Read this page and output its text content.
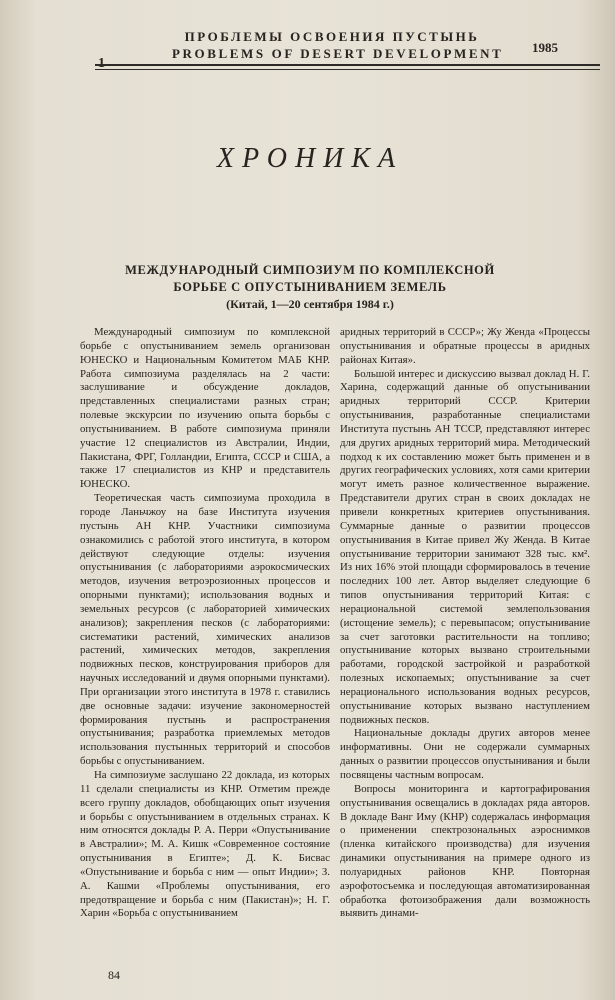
1
ПРОБЛЕМЫ ОСВОЕНИЯ ПУСТЫНЬ
PROBLEMS OF DESERT DEVELOPMENT 1985
ХРОНИКА
МЕЖДУНАРОДНЫЙ СИМПОЗИУМ ПО КОМПЛЕКСНОЙ БОРЬБЕ С ОПУСТЫНИВАНИЕМ ЗЕМЕЛЬ
(Китай, 1—20 сентября 1984 г.)

Международный симпозиум по комплексной борьбе с опустыниванием земель организован ЮНЕСКО и Национальным Комитетом МАБ КНР. Работа симпозиума разделялась на 2 части: заслушивание и обсуждение докладов, представленных специалистами разных стран; полевые экскурсии по изучению опыта борьбы с опустыниванием. В работе симпозиума приняли участие 12 специалистов из Австралии, Индии, Пакистана, ФРГ, Голландии, Египта, СССР и США, а также 17 специалистов из КНР и представитель ЮНЕСКО.

Теоретическая часть симпозиума проходила в городе Ланьчжоу на базе Института изучения пустынь АН КНР. Участники симпозиума ознакомились с работой этого института, в котором действуют следующие отделы: изучения опустынивания (с лабораториями аэрокосмических методов, изучения ветроэрозионных процессов и опорными пунктами); использования водных и земельных ресурсов (с лабораторией химических анализов); закрепления песков (с лабораториями: систематики растений, химических анализов растений, химических методов, закрепления подвижных песков, конструирования приборов для научных исследований и двумя опорными пунктами). При организации этого института в 1978 г. ставились две основные задачи: изучение закономерностей формирования пустынь и распространения опустынивания; разработка приемлемых методов использования пустынных территорий и способов борьбы с опустыниванием.

На симпозиуме заслушано 22 доклада, из которых 11 сделали специалисты из КНР. Отметим прежде всего группу докладов, обобщающих опыт изучения и борьбы с опустыниванием в отдельных странах. К ним относятся доклады Р. А. Перри «Опустынивание в Австралии»; М. А. Кишк «Современное состояние опустынивания в Египте»; Д. К. Бисвас «Опустынивание и борьба с ним — опыт Индии»; З. А. Кашми «Проблемы опустынивания, его предотвращение и борьба с ним (Пакистан)»; Н. Г. Харин «Борьба с опустыниванием

аридных территорий в СССР»; Жу Женда «Процессы опустынивания и обратные процессы в аридных районах Китая».

Большой интерес и дискуссию вызвал доклад Н. Г. Харина, содержащий данные об опустынивании аридных территорий СССР. Критерии опустынивания, разработанные специалистами Института пустынь АН ТССР, представляют интерес для других аридных территорий мира. Методический подход к их составлению может быть применен и в других географических условиях, хотя сами критерии могут иметь разное количественное выражение. Представители других стран в своих докладах не привели конкретных критериев опустынивания. Суммарные данные о развитии процессов опустынивания в Китае привел Жу Женда. В Китае опустынивание территории занимают 328 тыс. км². Из них 16% этой площади сформировалось в течение последних 100 лет. Автор выделяет следующие 6 типов опустынивания территорий Китая: с нерациональной системой землепользования (истощение земель); с перевыпасом; опустынивание за счет заготовки растительности на топливо; опустынивание которых вызвано строительными работами, городской застройкой и разработкой полезных ископаемых; опустынивание за счет нерационального использования водных ресурсов, опустынивание которых вызвано наступлением подвижных песков.

Национальные доклады других авторов менее информативны. Они не содержали суммарных данных о развитии процессов опустынивания и были посвящены частным вопросам.

Вопросы мониторинга и картографирования опустынивания освещались в докладах ряда авторов. В докладе Ванг Иму (КНР) содержалась информация о применении спектрозональных аэроснимков (пленка китайского производства) для изучения динамики опустынивания на примере одного из полуаридных районов КНР. Повторная аэрофотосъемка и последующая автоматизированная обработка фотоизображения дали возможность выявить динами-

84
